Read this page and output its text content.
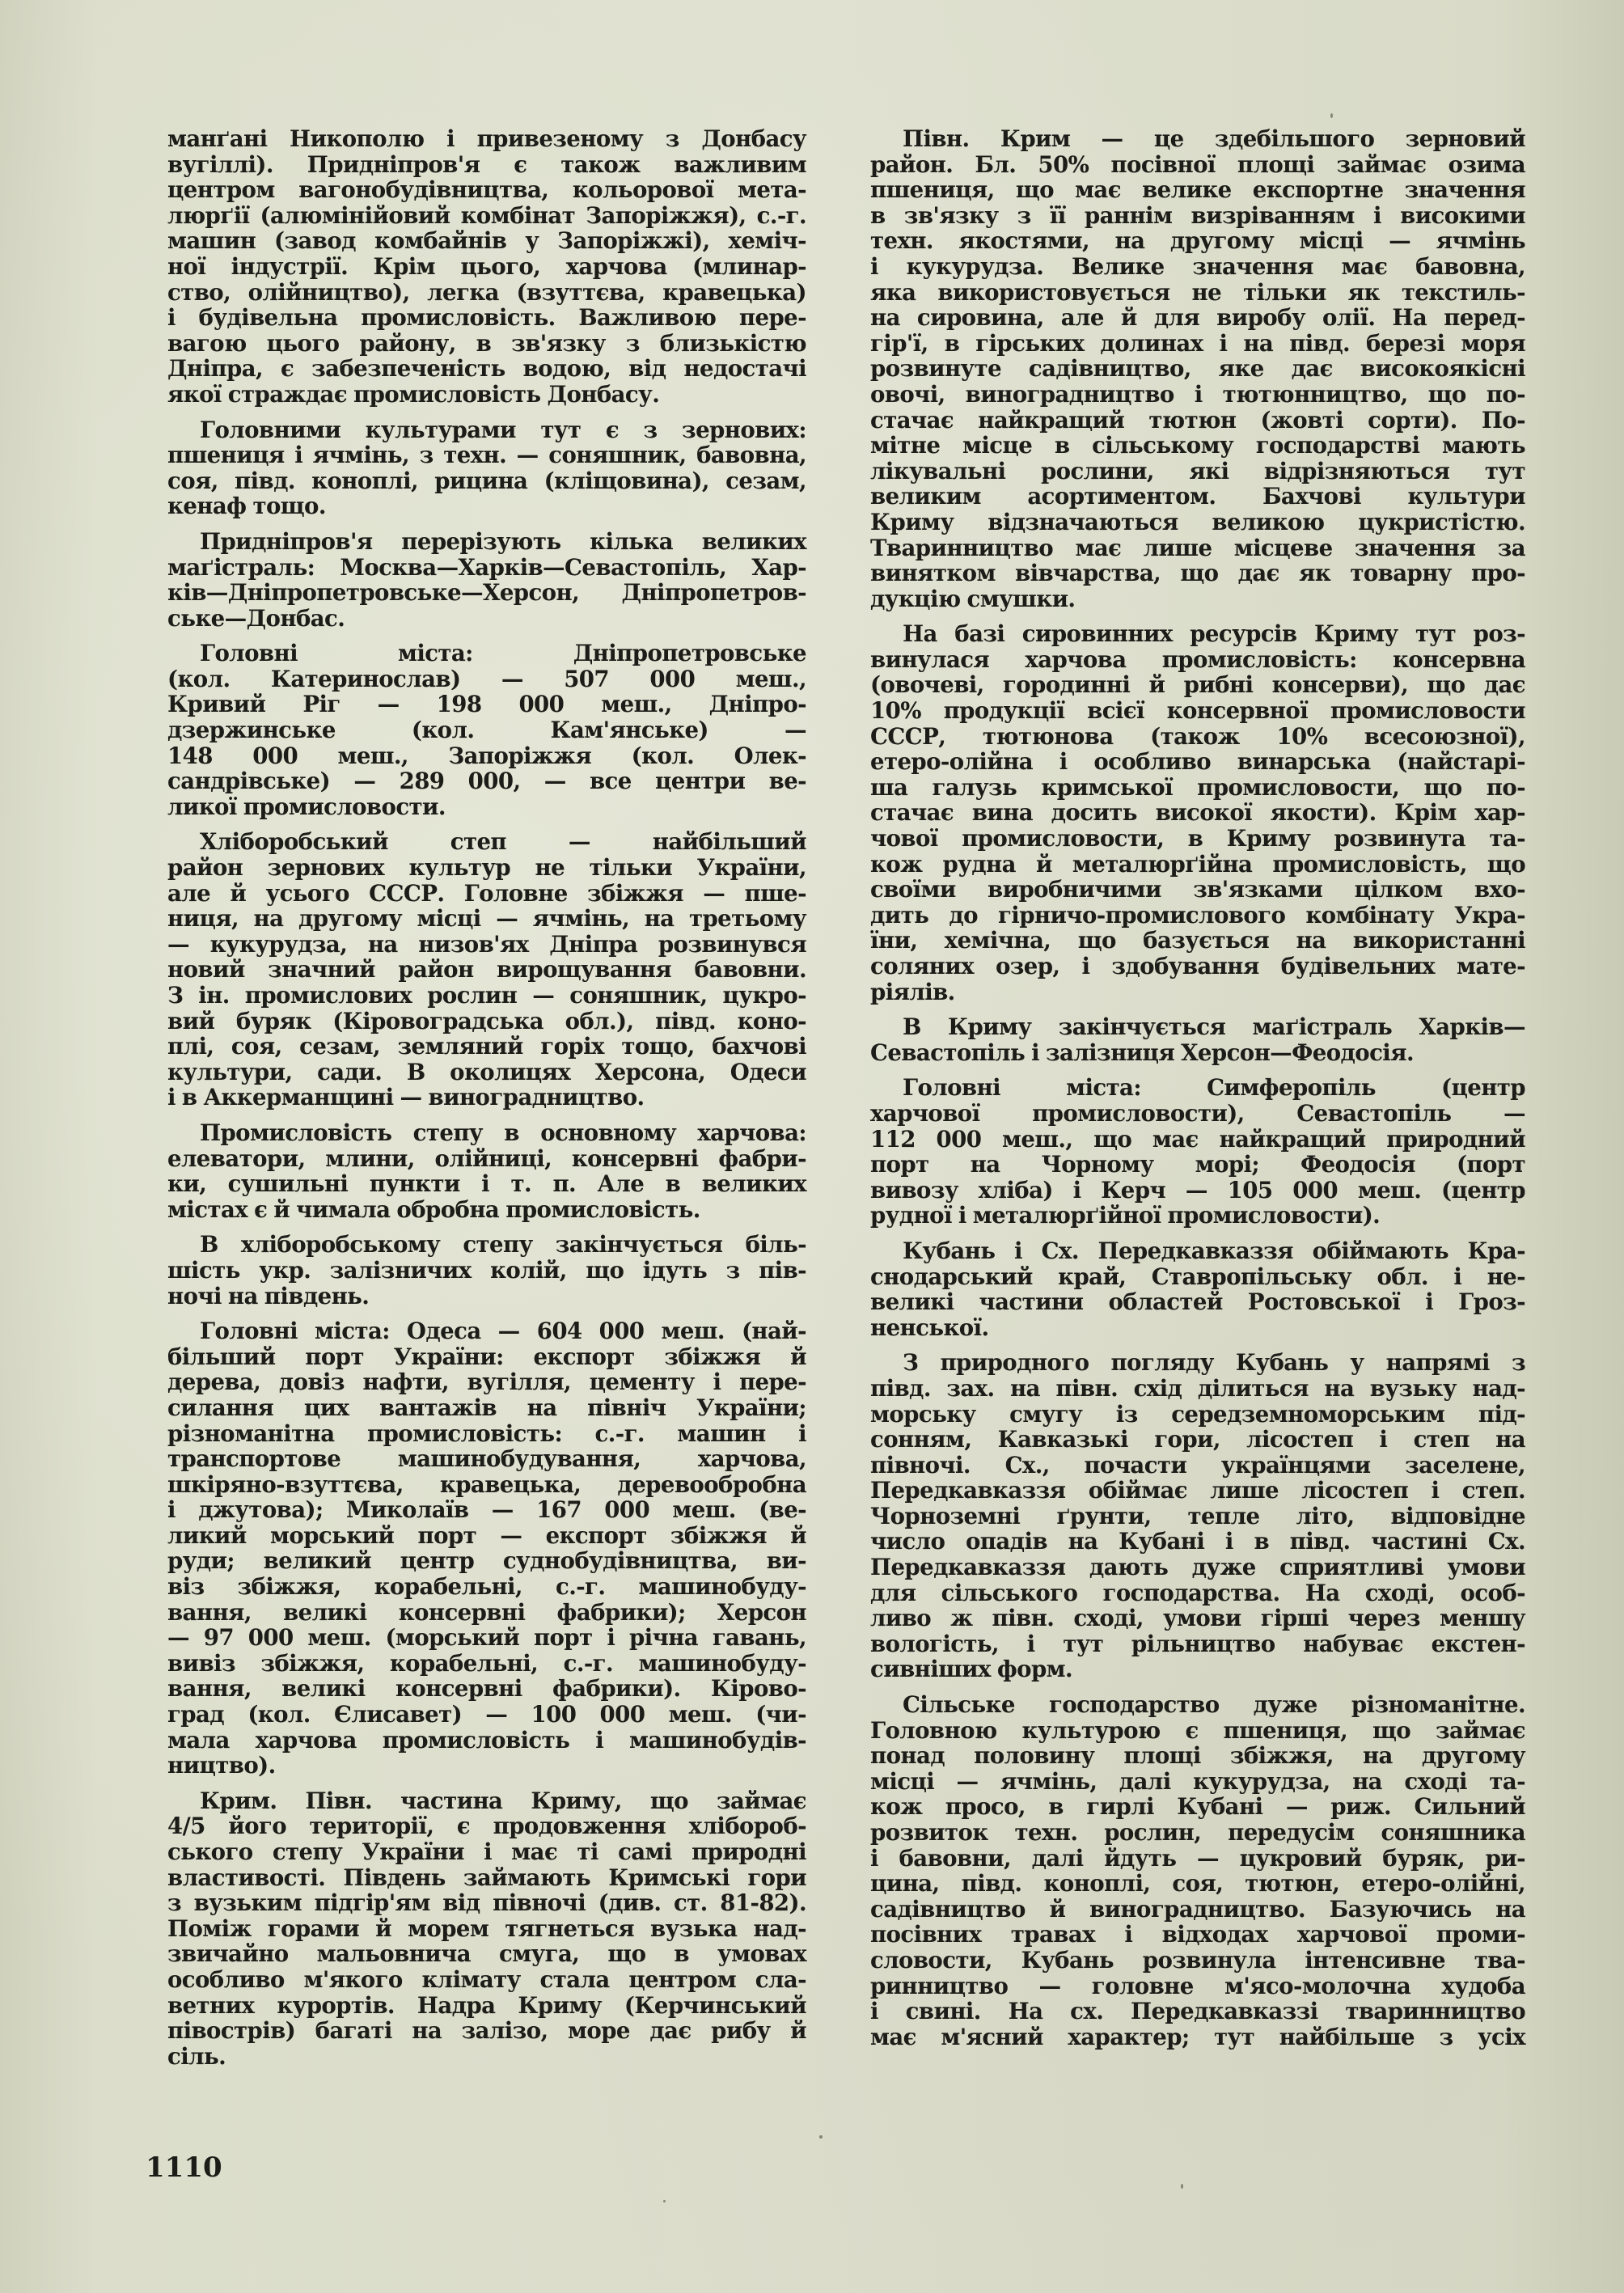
манґані Никополю і привезеному з Донбасу
вугіллі). Придніпров'я є також важливим
центром вагонобудівництва, кольорової мета-
люрґії (алюмінійовий комбінат Запоріжжя), с.-г.
машин (завод комбайнів у Запоріжжі), хеміч-
ної індустрії. Крім цього, харчова (млинар-
ство, олійництво), легка (взуттєва, кравецька)
і будівельна промисловість. Важливою пере-
вагою цього району, в зв'язку з близькістю
Дніпра, є забезпеченість водою, від недостачі
якої страждає промисловість Донбасу.
Головними культурами тут є з зернових:
пшениця і ячмінь, з техн. — соняшник, бавовна,
соя, півд. коноплі, рицина (кліщовина), сезам,
кенаф тощо.
Придніпров'я перерізують кілька великих
маґістраль: Москва—Харків—Севастопіль, Хар-
ків—Дніпропетровське—Херсон, Дніпропетров-
ське—Донбас.
Головні міста: Дніпропетровське
(кол. Катеринослав) — 507 000 меш.,
Кривий Ріг — 198 000 меш., Дніпро-
дзержинське (кол. Кам'янське) —
148 000 меш., Запоріжжя (кол. Олек-
сандрівське) — 289 000, — все центри ве-
ликої промисловости.
Хліборобський степ — найбільший
район зернових культур не тільки України,
але й усього СССР. Головне збіжжя — пше-
ниця, на другому місці — ячмінь, на третьому
— кукурудза, на низов'ях Дніпра розвинувся
новий значний район вирощування бавовни.
З ін. промислових рослин — соняшник, цукро-
вий буряк (Кіровоградська обл.), півд. коно-
плі, соя, сезам, земляний горіх тощо, бахчові
культури, сади. В околицях Херсона, Одеси
і в Аккерманщині — виноградництво.
Промисловість степу в основному харчова:
елеватори, млини, олійниці, консервні фабри-
ки, сушильні пункти і т. п. Але в великих
містах є й чимала обробна промисловість.
В хліборобському степу закінчується біль-
шість укр. залізничих колій, що ідуть з пів-
ночі на південь.
Головні міста: Одеса — 604 000 меш. (най-
більший порт України: експорт збіжжя й
дерева, довіз нафти, вугілля, цементу і пере-
силання цих вантажів на північ України;
різноманітна промисловість: с.-г. машин і
транспортове машинобудування, харчова,
шкіряно-взуттєва, кравецька, деревообробна
і джутова); Миколаїв — 167 000 меш. (ве-
ликий морський порт — експорт збіжжя й
руди; великий центр суднобудівництва, ви-
віз збіжжя, корабельні, с.-г. машинобуду-
вання, великі консервні фабрики); Херсон
— 97 000 меш. (морський порт і річна гавань,
вивіз збіжжя, корабельні, с.-г. машинобуду-
вання, великі консервні фабрики). Кірово-
град (кол. Єлисавет) — 100 000 меш. (чи-
мала харчова промисловість і машинобудів-
ництво).
Крим. Півн. частина Криму, що займає
4/5 його території, є продовження хлібороб-
ського степу України і має ті самі природні
властивості. Південь займають Кримські гори
з вузьким підгір'ям від півночі (див. ст. 81-82).
Поміж горами й морем тягнеться вузька над-
звичайно мальовнича смуга, що в умовах
особливо м'якого клімату стала центром сла-
ветних курортів. Надра Криму (Керчинський
півострів) багаті на залізо, море дає рибу й
сіль.
Півн. Крим — це здебільшого зерновий
район. Бл. 50% посівної площі займає озима
пшениця, що має велике експортне значення
в зв'язку з її раннім визріванням і високими
техн. якостями, на другому місці — ячмінь
і кукурудза. Велике значення має бавовна,
яка використовується не тільки як текстиль-
на сировина, але й для виробу олії. На перед-
гір'ї, в гірських долинах і на півд. березі моря
розвинуте садівництво, яке дає високоякісні
овочі, виноградництво і тютюнництво, що по-
стачає найкращий тютюн (жовті сорти). По-
мітне місце в сільському господарстві мають
лікувальні рослини, які відрізняються тут
великим асортиментом. Бахчові культури
Криму відзначаються великою цукристістю.
Тваринництво має лише місцеве значення за
винятком вівчарства, що дає як товарну про-
дукцію смушки.
На базі сировинних ресурсів Криму тут роз-
винулася харчова промисловість: консервна
(овочеві, городинні й рибні консерви), що дає
10% продукції всієї консервної промисловости
СССР, тютюнова (також 10% всесоюзної),
етеро-олійна і особливо винарська (найстарі-
ша галузь кримської промисловости, що по-
стачає вина досить високої якости). Крім хар-
чової промисловости, в Криму розвинута та-
кож рудна й металюрґійна промисловість, що
своїми виробничими зв'язками цілком вхо-
дить до гірничо-промислового комбінату Укра-
їни, хемічна, що базується на використанні
соляних озер, і здобування будівельних мате-
ріялів.
В Криму закінчується маґістраль Харків—
Севастопіль і залізниця Херсон—Феодосія.
Головні міста: Симферопіль (центр
харчової промисловости), Севастопіль —
112 000 меш., що має найкращий природний
порт на Чорному морі; Феодосія (порт
вивозу хліба) і Керч — 105 000 меш. (центр
рудної і металюрґійної промисловости).
Кубань і Сх. Передкавказзя обіймають Кра-
снодарський край, Ставропільську обл. і не-
великі частини областей Ростовської і Гроз-
ненської.
З природного погляду Кубань у напрямі з
півд. зах. на півн. схід ділиться на вузьку над-
морську смугу із середземноморським під-
сонням, Кавказькі гори, лісостеп і степ на
півночі. Сх., почасти українцями заселене,
Передкавказзя обіймає лише лісостеп і степ.
Чорноземні ґрунти, тепле літо, відповідне
число опадів на Кубані і в півд. частині Сх.
Передкавказзя дають дуже сприятливі умови
для сільського господарства. На сході, особ-
ливо ж півн. сході, умови гірші через меншу
вологість, і тут рільництво набуває екстен-
сивніших форм.
Сільське господарство дуже різноманітне.
Головною культурою є пшениця, що займає
понад половину площі збіжжя, на другому
місці — ячмінь, далі кукурудза, на сході та-
кож просо, в гирлі Кубані — риж. Сильний
розвиток техн. рослин, передусім соняшника
і бавовни, далі йдуть — цукровий буряк, ри-
цина, півд. коноплі, соя, тютюн, етеро-олійні,
садівництво й виноградництво. Базуючись на
посівних травах і відходах харчової проми-
словости, Кубань розвинула інтенсивне тва-
ринництво — головне м'ясо-молочна худоба
і свині. На сх. Передкавказзі тваринництво
має м'ясний характер; тут найбільше з усіх
1110
